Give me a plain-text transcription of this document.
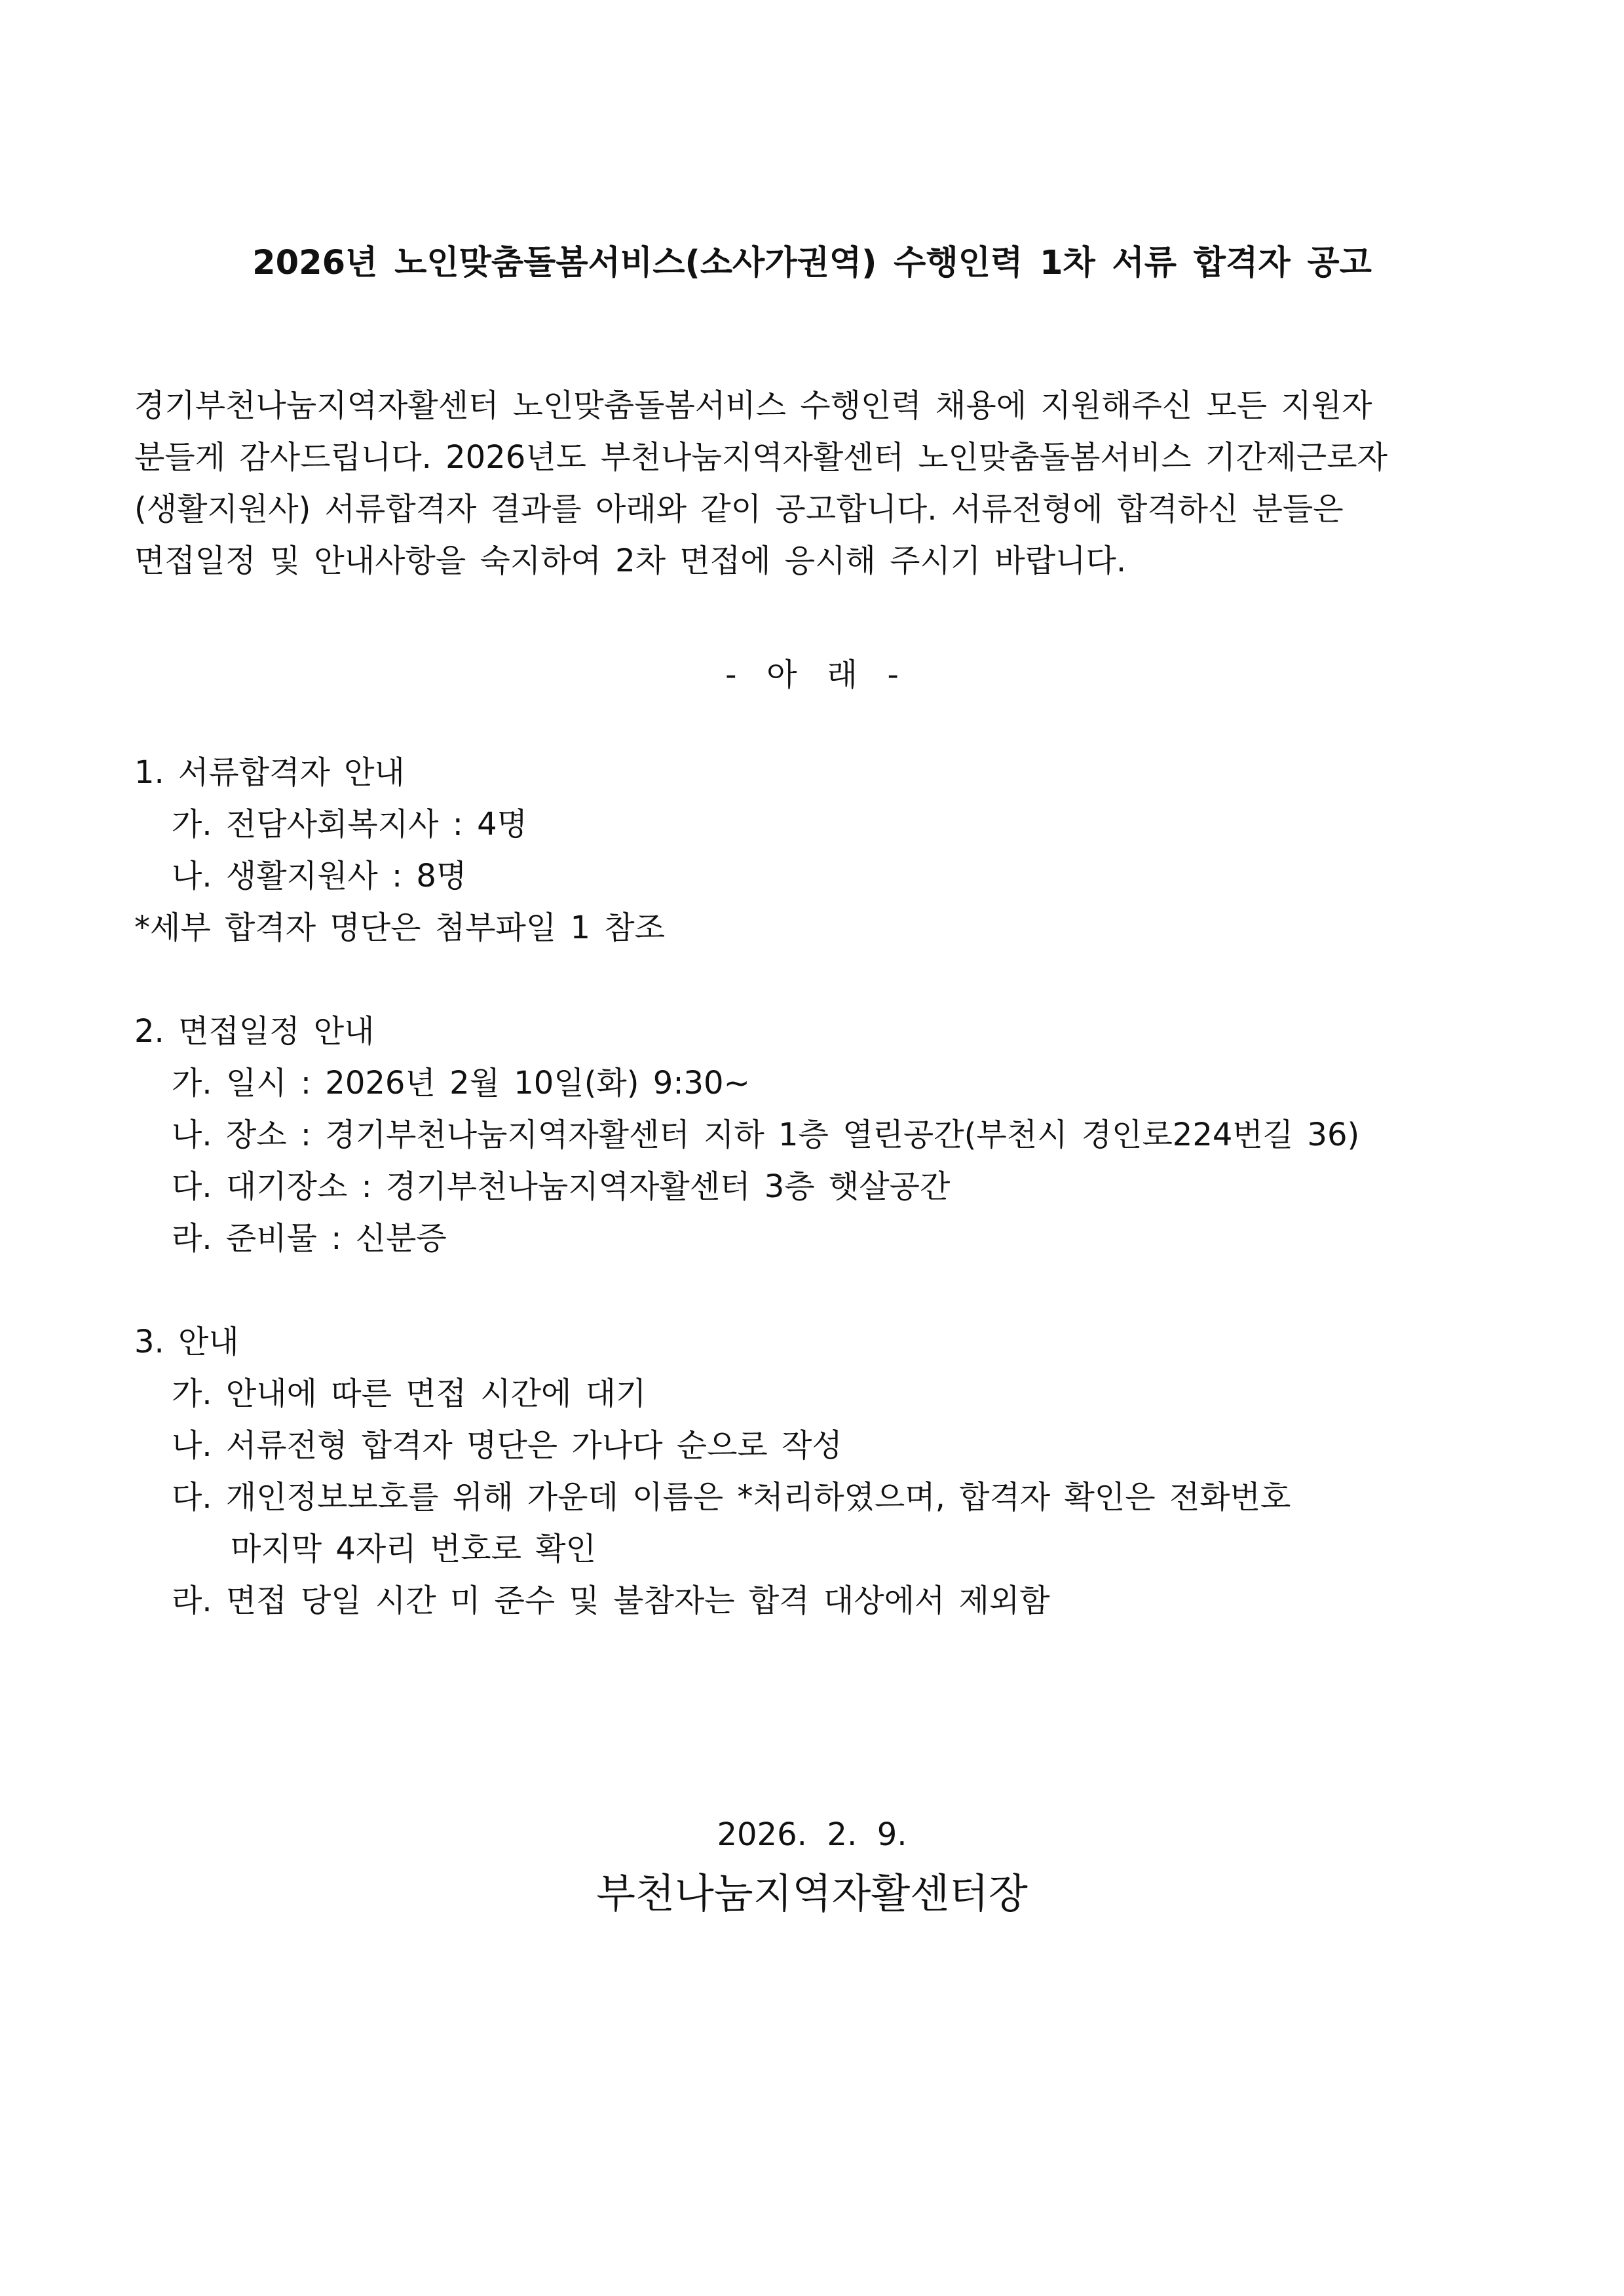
2026년 노인맞춤돌봄서비스(소사가권역) 수행인력 1차 서류 합격자 공고

경기부천나눔지역자활센터 노인맞춤돌봄서비스 수행인력 채용에 지원해주신 모든 지원자

분들게 감사드립니다. 2026년도 부천나눔지역자활센터 노인맞춤돌봄서비스 기간제근로자

(생활지원사) 서류합격자 결과를 아래와 같이 공고합니다. 서류전형에 합격하신 분들은

면접일정 및 안내사항을 숙지하여 2차 면접에 응시해 주시기 바랍니다.

-   아   래   -
1. 서류합격자 안내
가. 전담사회복지사 : 4명
나. 생활지원사 : 8명
*세부 합격자 명단은 첨부파일 1 참조
2. 면접일정 안내
가. 일시 : 2026년 2월 10일(화) 9:30~
나. 장소 : 경기부천나눔지역자활센터 지하 1층 열린공간(부천시 경인로224번길 36)
다. 대기장소 : 경기부천나눔지역자활센터 3층 햇살공간
라. 준비물 : 신분증
3. 안내
가. 안내에 따른 면접 시간에 대기
나. 서류전형 합격자 명단은 가나다 순으로 작성
다. 개인정보보호를 위해 가운데 이름은 *처리하였으며, 합격자 확인은 전화번호
마지막 4자리 번호로 확인
라. 면접 당일 시간 미 준수 및 불참자는 합격 대상에서 제외함
2026.  2.  9.
부천나눔지역자활센터장
